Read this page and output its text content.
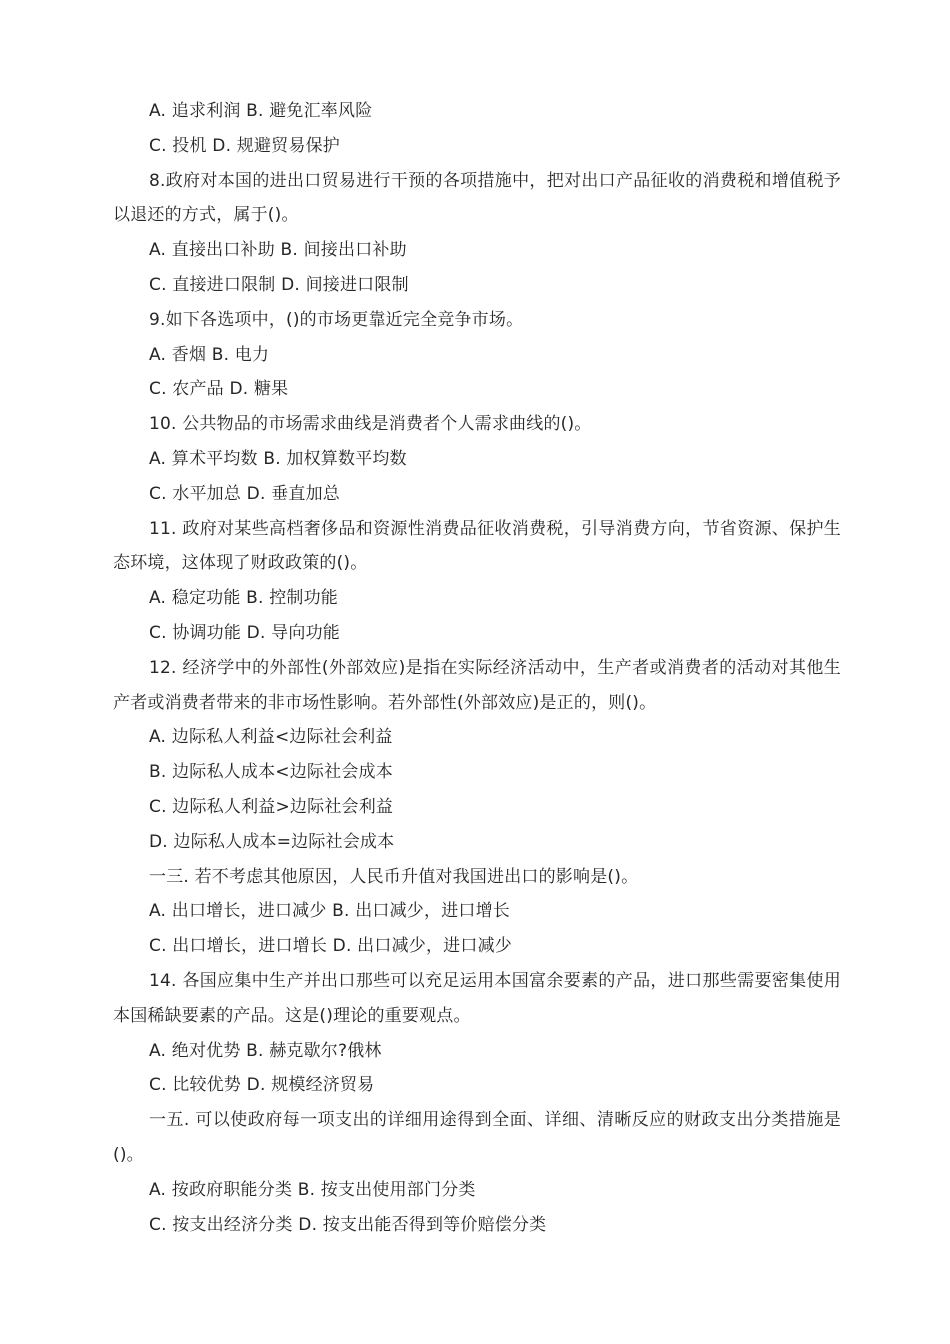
A. 追求利润 B. 避免汇率风险
C. 投机 D. 规避贸易保护
8.政府对本国的进出口贸易进行干预的各项措施中，把对出口产品征收的消费税和增值税予以退还的方式，属于()。
A. 直接出口补助 B. 间接出口补助
C. 直接进口限制 D. 间接进口限制
9.如下各选项中，()的市场更靠近完全竞争市场。
A. 香烟 B. 电力
C. 农产品 D. 糖果
10. 公共物品的市场需求曲线是消费者个人需求曲线的()。
A. 算术平均数 B. 加权算数平均数
C. 水平加总 D. 垂直加总
11. 政府对某些高档奢侈品和资源性消费品征收消费税，引导消费方向，节省资源、保护生态环境，这体现了财政政策的()。
A. 稳定功能 B. 控制功能
C. 协调功能 D. 导向功能
12. 经济学中的外部性(外部效应)是指在实际经济活动中，生产者或消费者的活动对其他生产者或消费者带来的非市场性影响。若外部性(外部效应)是正的，则()。
A. 边际私人利益<边际社会利益
B. 边际私人成本<边际社会成本
C. 边际私人利益>边际社会利益
D. 边际私人成本=边际社会成本
一三. 若不考虑其他原因，人民币升值对我国进出口的影响是()。
A. 出口增长，进口减少 B. 出口减少，进口增长
C. 出口增长，进口增长 D. 出口减少，进口减少
14. 各国应集中生产并出口那些可以充足运用本国富余要素的产品，进口那些需要密集使用本国稀缺要素的产品。这是()理论的重要观点。
A. 绝对优势 B. 赫克歇尔?俄林
C. 比较优势 D. 规模经济贸易
一五. 可以使政府每一项支出的详细用途得到全面、详细、清晰反应的财政支出分类措施是()。
A. 按政府职能分类 B. 按支出使用部门分类
C. 按支出经济分类 D. 按支出能否得到等价赔偿分类
